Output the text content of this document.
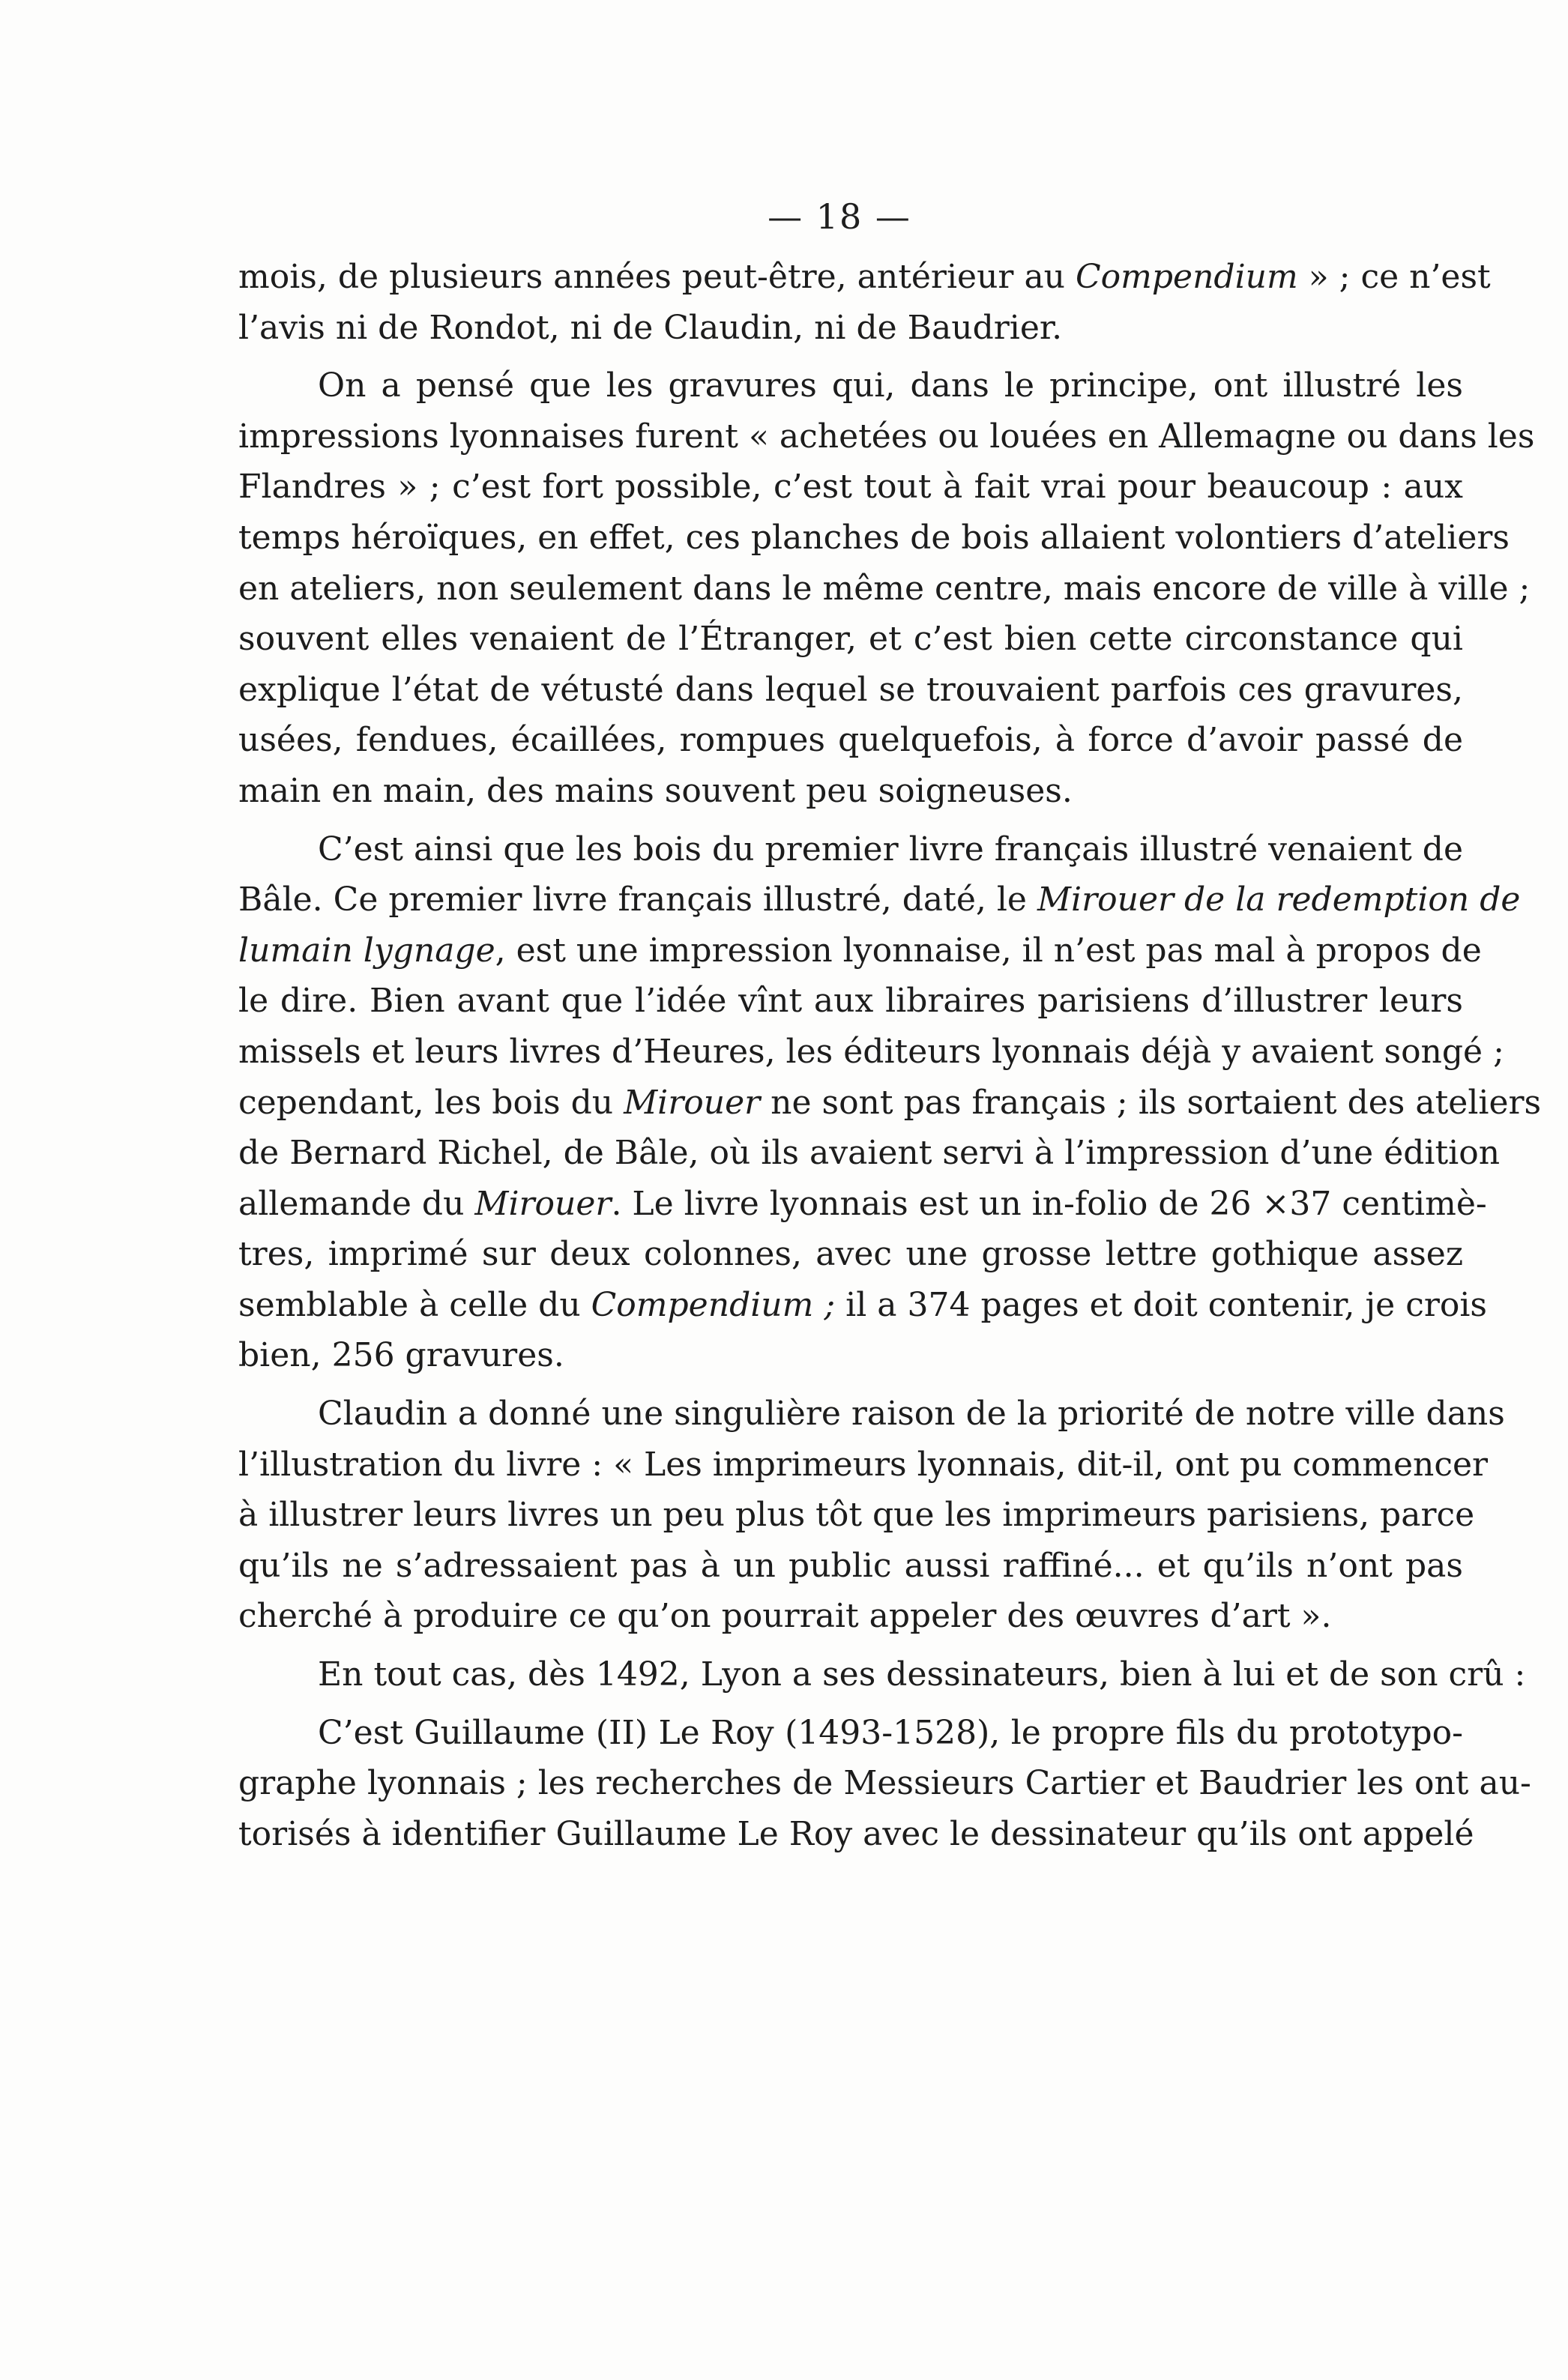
— 18 —

mois, de plusieurs années peut-être, antérieur au Compendium » ; ce n’est
l’avis ni de Rondot, ni de Claudin, ni de Baudrier.

On a pensé que les gravures qui, dans le principe, ont illustré les
impressions lyonnaises furent « achetées ou louées en Allemagne ou dans les
Flandres » ; c’est fort possible, c’est tout à fait vrai pour beaucoup : aux
temps héroïques, en effet, ces planches de bois allaient volontiers d’ateliers
en ateliers, non seulement dans le même centre, mais encore de ville à ville ;
souvent elles venaient de l’Étranger, et c’est bien cette circonstance qui
explique l’état de vétusté dans lequel se trouvaient parfois ces gravures,
usées, fendues, écaillées, rompues quelquefois, à force d’avoir passé de
main en main, des mains souvent peu soigneuses.

C’est ainsi que les bois du premier livre français illustré venaient de
Bâle. Ce premier livre français illustré, daté, le Mirouer de la redemption de
lumain lygnage, est une impression lyonnaise, il n’est pas mal à propos de
le dire. Bien avant que l’idée vînt aux libraires parisiens d’illustrer leurs
missels et leurs livres d’Heures, les éditeurs lyonnais déjà y avaient songé ;
cependant, les bois du Mirouer ne sont pas français ; ils sortaient des ateliers
de Bernard Richel, de Bâle, où ils avaient servi à l’impression d’une édition
allemande du Mirouer. Le livre lyonnais est un in-folio de 26 ×37 centimè-
tres, imprimé sur deux colonnes, avec une grosse lettre gothique assez
semblable à celle du Compendium ; il a 374 pages et doit contenir, je crois
bien, 256 gravures.

Claudin a donné une singulière raison de la priorité de notre ville dans
l’illustration du livre : « Les imprimeurs lyonnais, dit-il, ont pu commencer
à illustrer leurs livres un peu plus tôt que les imprimeurs parisiens, parce
qu’ils ne s’adressaient pas à un public aussi raffiné... et qu’ils n’ont pas
cherché à produire ce qu’on pourrait appeler des œuvres d’art ».

En tout cas, dès 1492, Lyon a ses dessinateurs, bien à lui et de son crû :

C’est Guillaume (II) Le Roy (1493-1528), le propre fils du prototypo-
graphe lyonnais ; les recherches de Messieurs Cartier et Baudrier les ont au-
torisés à identifier Guillaume Le Roy avec le dessinateur qu’ils ont appelé
